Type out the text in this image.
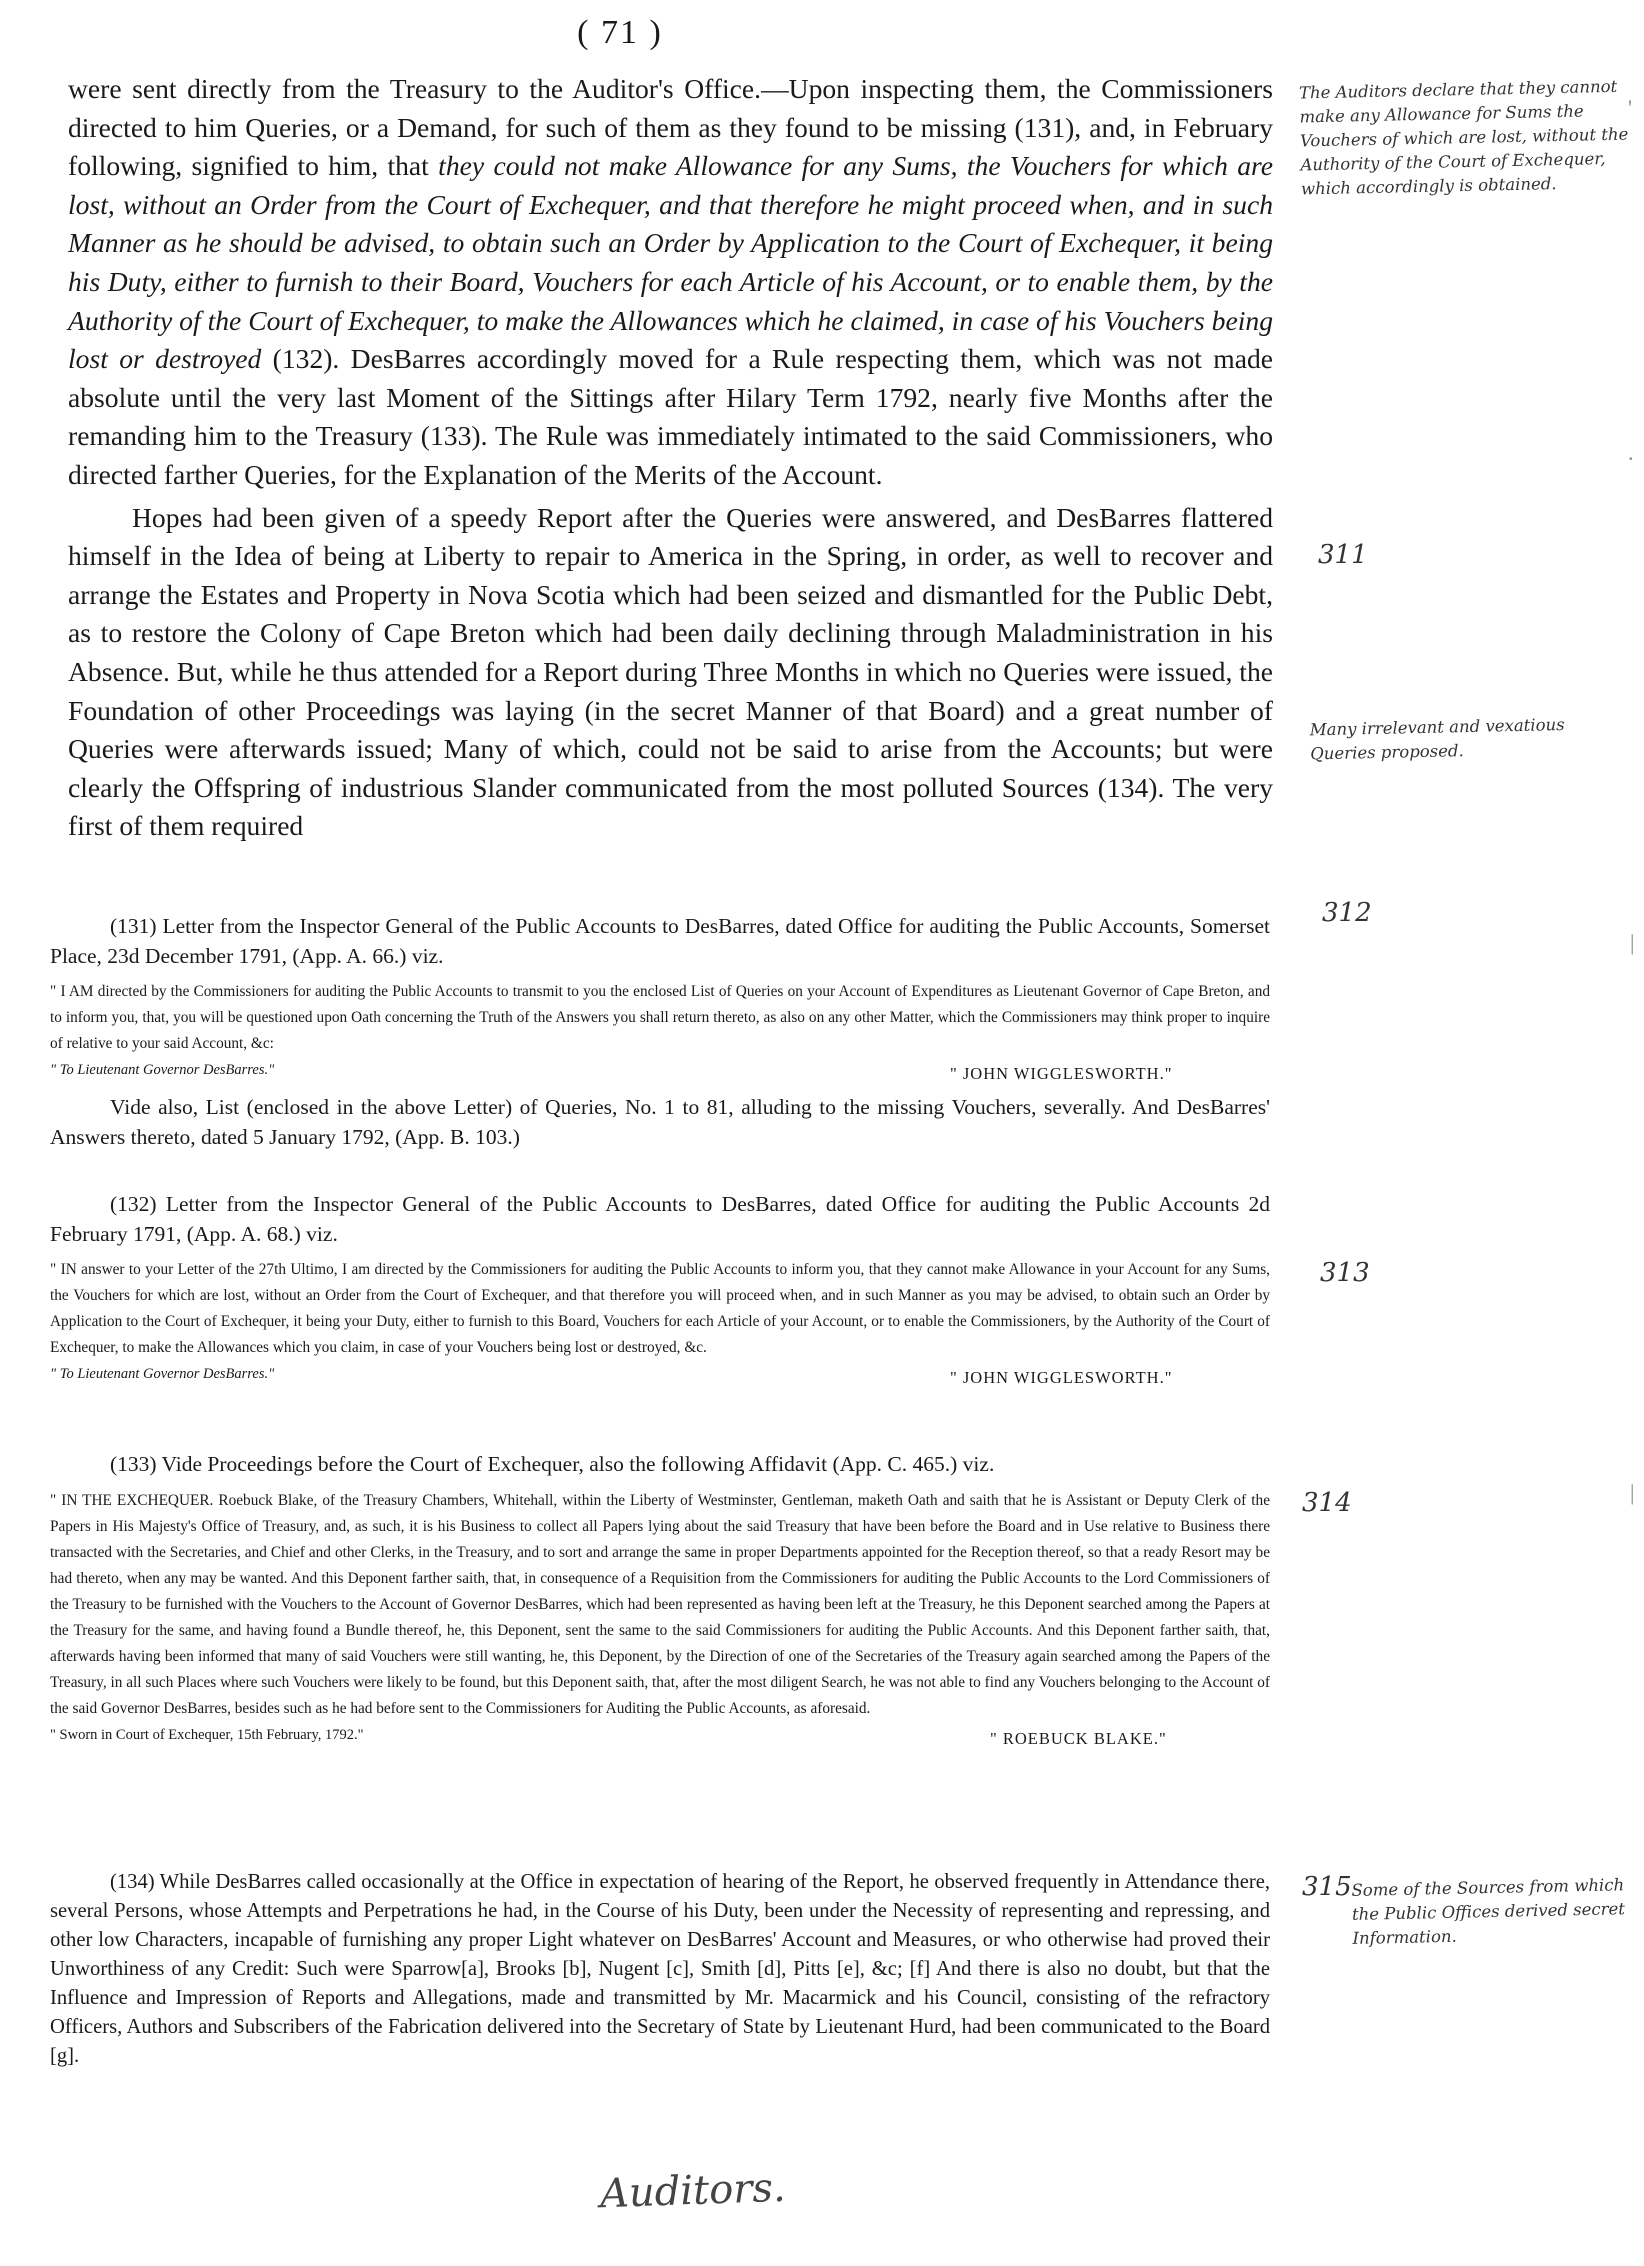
( 71 )

were sent directly from the Treasury to the Auditor's Office.—Upon inspecting them, the Commissioners directed to him Queries, or a Demand, for such of them as they found to be missing (131), and, in February following, signified to him, that they could not make Allowance for any Sums, the Vouchers for which are lost, without an Order from the Court of Exchequer, and that therefore he might proceed when, and in such Manner as he should be advised, to obtain such an Order by Application to the Court of Exchequer, it being his Duty, either to furnish to their Board, Vouchers for each Article of his Account, or to enable them, by the Authority of the Court of Exchequer, to make the Allowances which he claimed, in case of his Vouchers being lost or destroyed (132). DesBarres accordingly moved for a Rule respecting them, which was not made absolute until the very last Moment of the Sittings after Hilary Term 1792, nearly five Months after the remanding him to the Treasury (133). The Rule was immediately intimated to the said Commissioners, who directed farther Queries, for the Explanation of the Merits of the Account.

Hopes had been given of a speedy Report after the Queries were answered, and DesBarres flattered himself in the Idea of being at Liberty to repair to America in the Spring, in order, as well to recover and arrange the Estates and Property in Nova Scotia which had been seized and dismantled for the Public Debt, as to restore the Colony of Cape Breton which had been daily declining through Maladministration in his Absence. But, while he thus attended for a Report during Three Months in which no Queries were issued, the Foundation of other Proceedings was laying (in the secret Manner of that Board) and a great number of Queries were afterwards issued; Many of which, could not be said to arise from the Accounts; but were clearly the Offspring of industrious Slander communicated from the most polluted Sources (134). The very first of them required

(131) Letter from the Inspector General of the Public Accounts to DesBarres, dated Office for auditing the Public Accounts, Somerset Place, 23d December 1791, (App. A. 66.) viz.

" I AM directed by the Commissioners for auditing the Public Accounts to transmit to you the enclosed List of Queries on your Account of Expenditures as Lieutenant Governor of Cape Breton, and to inform you, that, you will be questioned upon Oath concerning the Truth of the Answers you shall return thereto, as also on any other Matter, which the Commissioners may think proper to inquire of relative to your said Account, &c:

" To Lieutenant Governor DesBarres."	" JOHN WIGGLESWORTH."

Vide also, List (enclosed in the above Letter) of Queries, No. 1 to 81, alluding to the missing Vouchers, severally. And DesBarres' Answers thereto, dated 5 January 1792, (App. B. 103.)

(132) Letter from the Inspector General of the Public Accounts to DesBarres, dated Office for auditing the Public Accounts 2d February 1791, (App. A. 68.) viz.

" IN answer to your Letter of the 27th Ultimo, I am directed by the Commissioners for auditing the Public Accounts to inform you, that they cannot make Allowance in your Account for any Sums, the Vouchers for which are lost, without an Order from the Court of Exchequer, and that therefore you will proceed when, and in such Manner as you may be advised, to obtain such an Order by Application to the Court of Exchequer, it being your Duty, either to furnish to this Board, Vouchers for each Article of your Account, or to enable the Commissioners, by the Authority of the Court of Exchequer, to make the Allowances which you claim, in case of your Vouchers being lost or destroyed, &c.

" To Lieutenant Governor DesBarres."	" JOHN WIGGLESWORTH."

(133) Vide Proceedings before the Court of Exchequer, also the following Affidavit (App. C. 465.) viz.

" IN THE EXCHEQUER. Roebuck Blake, of the Treasury Chambers, Whitehall, within the Liberty of Westminster, Gentleman, maketh Oath and saith that he is Assistant or Deputy Clerk of the Papers in His Majesty's Office of Treasury, and, as such, it is his Business to collect all Papers lying about the said Treasury that have been before the Board and in Use relative to Business there transacted with the Secretaries, and Chief and other Clerks, in the Treasury, and to sort and arrange the same in proper Departments appointed for the Reception thereof, so that a ready Resort may be had thereto, when any may be wanted. And this Deponent farther saith, that, in consequence of a Requisition from the Commissioners for auditing the Public Accounts to the Lord Commissioners of the Treasury to be furnished with the Vouchers to the Account of Governor DesBarres, which had been represented as having been left at the Treasury, he this Deponent searched among the Papers at the Treasury for the same, and having found a Bundle thereof, he, this Deponent, sent the same to the said Commissioners for auditing the Public Accounts. And this Deponent farther saith, that, afterwards having been informed that many of said Vouchers were still wanting, he, this Deponent, by the Direction of one of the Secretaries of the Treasury again searched among the Papers of the Treasury, in all such Places where such Vouchers were likely to be found, but this Deponent saith, that, after the most diligent Search, he was not able to find any Vouchers belonging to the Account of the said Governor DesBarres, besides such as he had before sent to the Commissioners for Auditing the Public Accounts, as aforesaid.

" Sworn in Court of Exchequer, 15th February, 1792."	" ROEBUCK BLAKE."

(134) While DesBarres called occasionally at the Office in expectation of hearing of the Report, he observed frequently in Attendance there, several Persons, whose Attempts and Perpetrations he had, in the Course of his Duty, been under the Necessity of representing and repressing, and other low Characters, incapable of furnishing any proper Light whatever on DesBarres' Account and Measures, or who otherwise had proved their Unworthiness of any Credit: Such were Sparrow[a], Brooks [b], Nugent [c], Smith [d], Pitts [e], &c; [f] And there is also no doubt, but that the Influence and Impression of Reports and Allegations, made and transmitted by Mr. Macarmick and his Council, consisting of the refractory Officers, Authors and Subscribers of the Fabrication delivered into the Secretary of State by Lieutenant Hurd, had been communicated to the Board [g].

The Auditors declare that they cannot make any Allowance for Sums the Vouchers of which are lost, without the Authority of the Court of Exchequer, which accordingly is obtained.
311
Many irrelevant and vexatious Queries proposed.
312
313
314
315 Some of the Sources from which the Public Offices derived secret Information.
'
.
|
|
Auditors.
